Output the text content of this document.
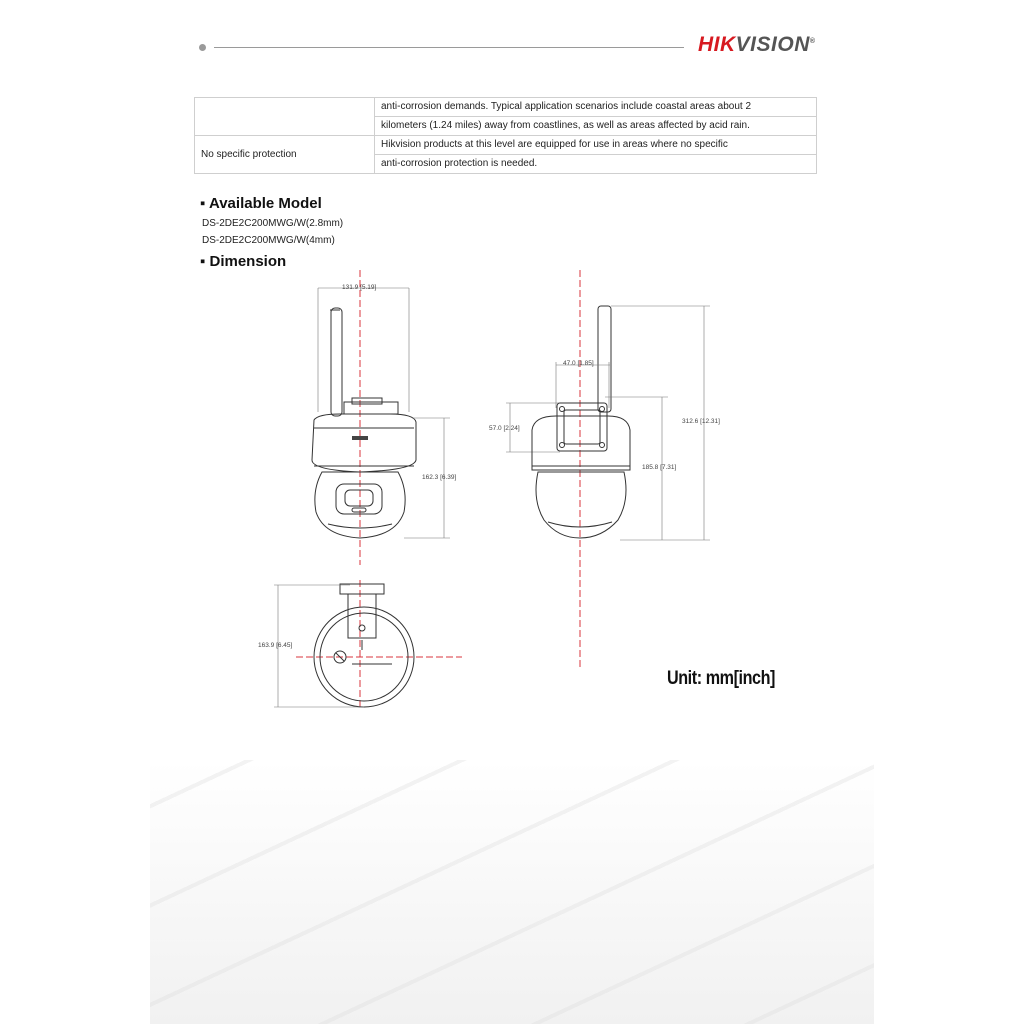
HIKVISION®
	anti-corrosion demands. Typical application scenarios include coastal areas about 2
	kilometers (1.24 miles) away from coastlines, as well as areas affected by acid rain.
No specific protection	Hikvision products at this level are equipped for use in areas where no specific
	anti-corrosion protection is needed.
▪ Available Model
DS-2DE2C200MWG/W(2.8mm)
DS-2DE2C200MWG/W(4mm)
▪ Dimension
131.9 [5.19]
162.3 [6.39]
47.0 [1.85]
57.0 [2.24]
185.8 [7.31]
312.6 [12.31]
163.9 [6.45]
Unit: mm[inch]
